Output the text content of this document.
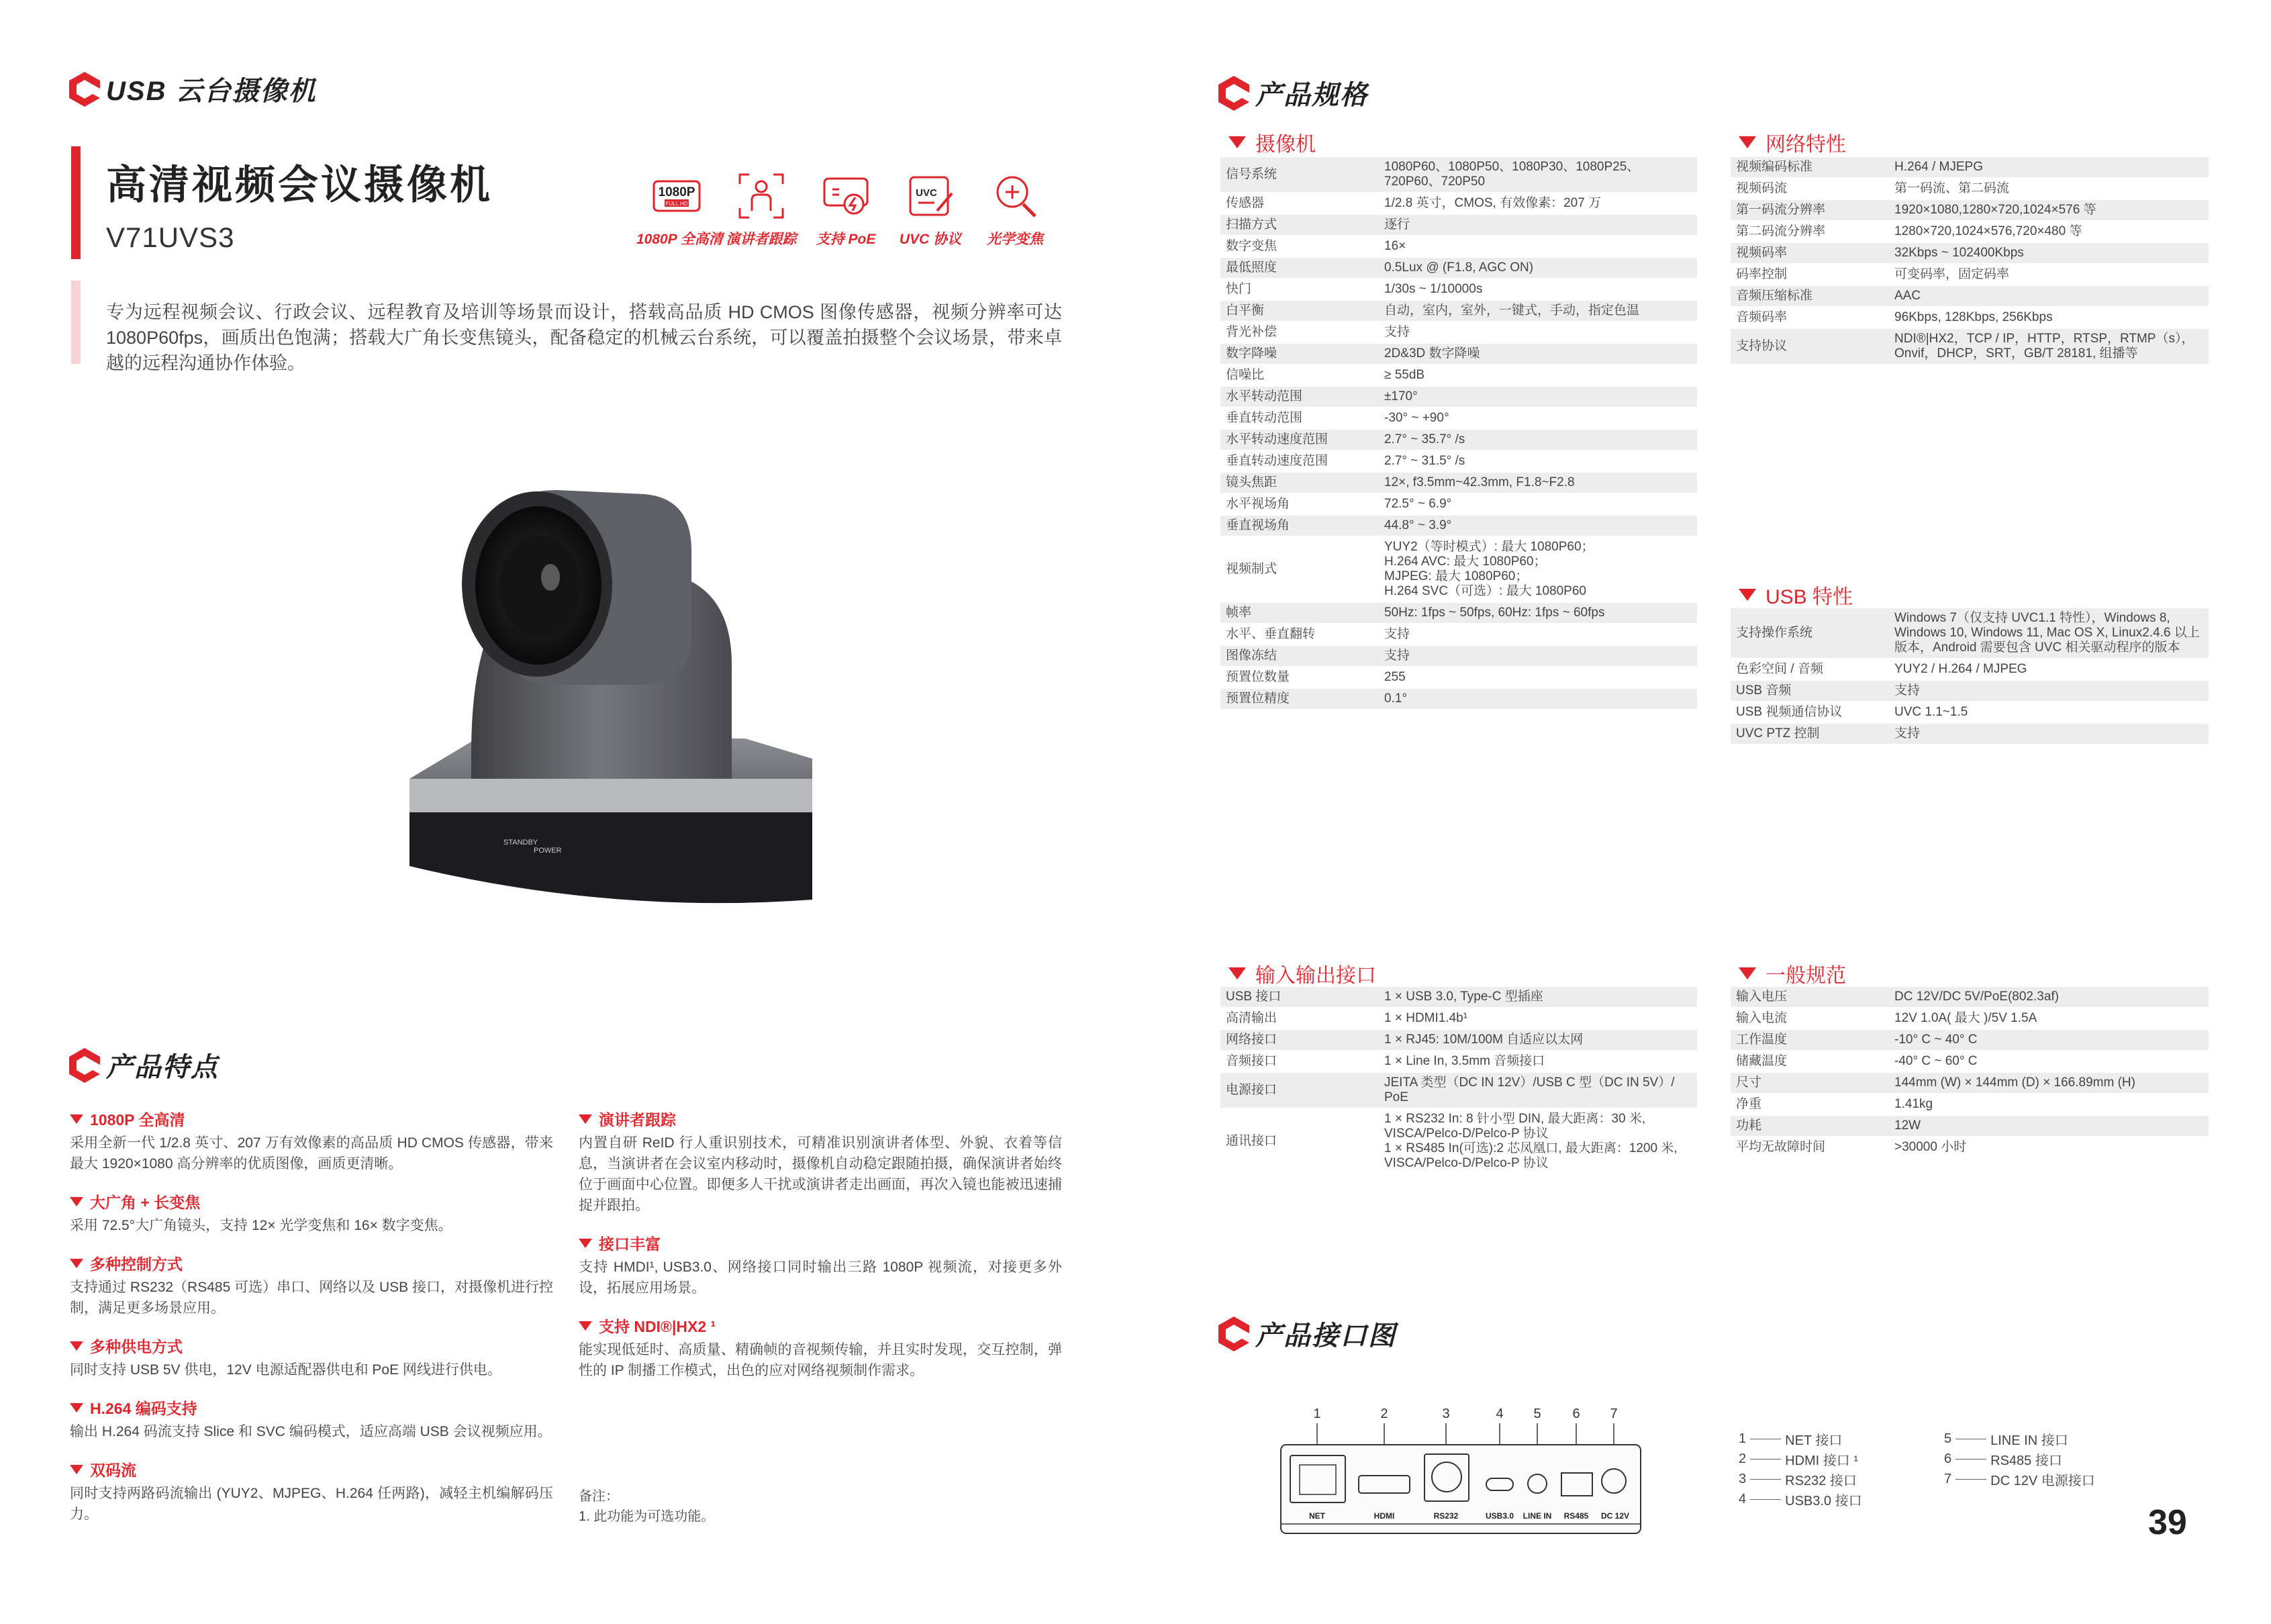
USB 云台摄像机
高清视频会议摄像机
V71UVS3
1080P
FULL HD
1080P 全高清 演讲者跟踪	支持 PoE
UVC
UVC 协议	光学变焦
专为远程视频会议、行政会议、远程教育及培训等场景而设计，搭载高品质 HD CMOS 图像传感器，视频分辨率可达 1080P60fps，画质出色饱满；搭载大广角长变焦镜头，配备稳定的机械云台系统，可以覆盖拍摄整个会议场景，带来卓越的远程沟通协作体验。
STANDBY
POWER
产品特点
1080P 全高清
采用全新一代 1/2.8 英寸、207 万有效像素的高品质 HD CMOS 传感器，带来最大 1920×1080 高分辨率的优质图像，画质更清晰。
大广角 + 长变焦
采用 72.5°大广角镜头，支持 12× 光学变焦和 16× 数字变焦。
多种控制方式
支持通过 RS232（RS485 可选）串口、网络以及 USB 接口，对摄像机进行控制，满足更多场景应用。
多种供电方式
同时支持 USB 5V 供电，12V 电源适配器供电和 PoE 网线进行供电。
H.264 编码支持
输出 H.264 码流支持 Slice 和 SVC 编码模式，适应高端 USB 会议视频应用。
双码流
同时支持两路码流输出 (YUY2、MJPEG、H.264 任两路)，减轻主机编解码压力。
演讲者跟踪
内置自研 ReID 行人重识别技术，可精准识别演讲者体型、外貌、衣着等信息，当演讲者在会议室内移动时，摄像机自动稳定跟随拍摄，确保演讲者始终位于画面中心位置。即便多人干扰或演讲者走出画面，再次入镜也能被迅速捕捉并跟拍。
接口丰富
支持 HMDI¹, USB3.0、网络接口同时输出三路 1080P 视频流，对接更多外设，拓展应用场景。
支持 NDI®|HX2 ¹
能实现低延时、高质量、精确帧的音视频传输，并且实时发现，交互控制，弹性的 IP 制播工作模式，出色的应对网络视频制作需求。
备注：
1. 此功能为可选功能。
产品规格
摄像机
信号系统	1080P60、1080P50、1080P30、1080P25、720P60、720P50
传感器	1/2.8 英寸，CMOS, 有效像素：207 万
扫描方式	逐行
数字变焦	16×
最低照度	0.5Lux @ (F1.8, AGC ON)
快门	1/30s ~ 1/10000s
白平衡	自动，室内，室外，一键式，手动，指定色温
背光补偿	支持
数字降噪	2D&3D 数字降噪
信噪比	≥ 55dB
水平转动范围	±170°
垂直转动范围	-30° ~ +90°
水平转动速度范围	2.7° ~ 35.7° /s
垂直转动速度范围	2.7° ~ 31.5° /s
镜头焦距	12×, f3.5mm~42.3mm, F1.8~F2.8
水平视场角	72.5° ~ 6.9°
垂直视场角	44.8° ~ 3.9°
视频制式	YUY2（等时模式）: 最大 1080P60；
H.264 AVC: 最大 1080P60；
MJPEG: 最大 1080P60；
H.264 SVC（可选）: 最大 1080P60
帧率	50Hz: 1fps ~ 50fps, 60Hz: 1fps ~ 60fps
水平、垂直翻转	支持
图像冻结	支持
预置位数量	255
预置位精度	0.1°
网络特性
视频编码标准	H.264 / MJEPG
视频码流	第一码流、第二码流
第一码流分辨率	1920×1080,1280×720,1024×576 等
第二码流分辨率	1280×720,1024×576,720×480 等
视频码率	32Kbps ~ 102400Kbps
码率控制	可变码率，固定码率
音频压缩标准	AAC
音频码率	96Kbps, 128Kbps, 256Kbps
支持协议	NDI®|HX2，TCP / IP，HTTP，RTSP，RTMP（s），Onvif，DHCP，SRT，GB/T 28181, 组播等
USB 特性
支持操作系统	Windows 7（仅支持 UVC1.1 特性），Windows 8, Windows 10, Windows 11, Mac OS X, Linux2.4.6 以上版本，Android 需要包含 UVC 相关驱动程序的版本
色彩空间 / 音频	YUY2 / H.264 / MJPEG
USB 音频	支持
USB 视频通信协议	UVC 1.1~1.5
UVC PTZ 控制	支持
输入输出接口
USB 接口	1 × USB 3.0, Type-C 型插座
高清输出	1 × HDMI1.4b¹
网络接口	1 × RJ45: 10M/100M 自适应以太网
音频接口	1 × Line In, 3.5mm 音频接口
电源接口	JEITA 类型（DC IN 12V）/USB C 型（DC IN 5V）/ PoE
通讯接口	1 × RS232 In: 8 针小型 DIN, 最大距离：30 米, VISCA/Pelco-D/Pelco-P 协议
1 × RS485 In(可选):2 芯凤凰口, 最大距离：1200 米, VISCA/Pelco-D/Pelco-P 协议
一般规范
输入电压	DC 12V/DC 5V/PoE(802.3af)
输入电流	12V 1.0A( 最大 )/5V 1.5A
工作温度	-10° C ~ 40° C
储藏温度	-40° C ~ 60° C
尺寸	144mm (W) × 144mm (D) × 166.89mm (H)
净重	1.41kg
功耗	12W
平均无故障时间	>30000 小时
产品接口图
1	2	3	4 5 6 7
NET	HDMI	RS232	USB3.0 LINE IN RS485 DC 12V
1	NET 接口
2	HDMI 接口 ¹
3	RS232 接口
4	USB3.0 接口
5	LINE IN 接口
6	RS485 接口
7	DC 12V 电源接口
39
